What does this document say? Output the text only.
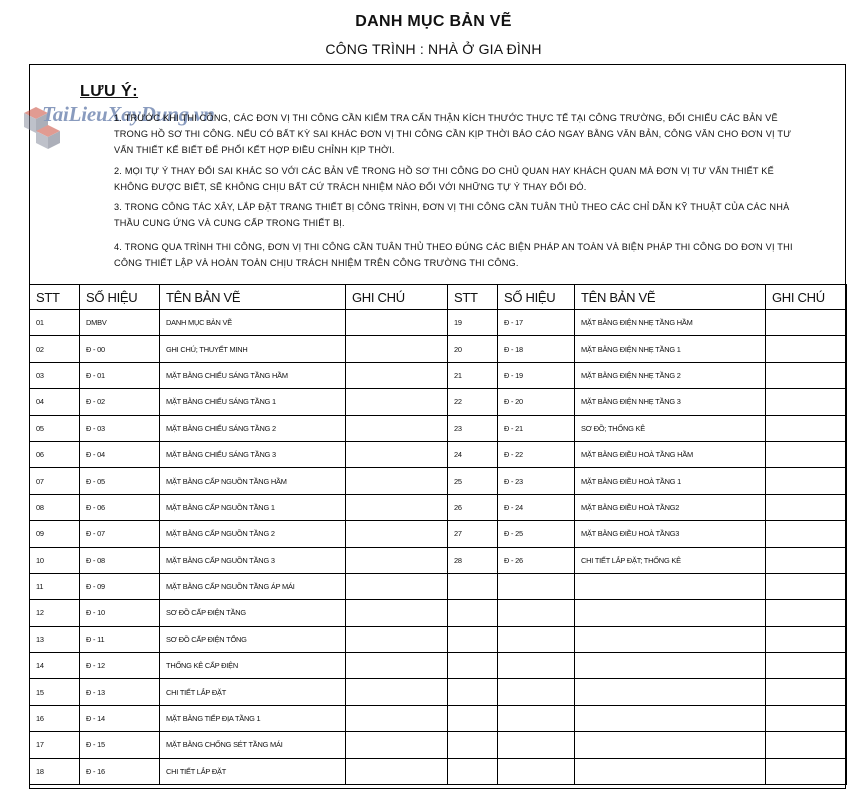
DANH MỤC BẢN VẼ
CÔNG TRÌNH : NHÀ Ở GIA ĐÌNH
TaiLieuXayDung.vn
LƯU Ý:
1. TRƯỚC KHI THI CÔNG, CÁC ĐƠN VỊ THI CÔNG CẦN KIỂM TRA CẨN THẬN KÍCH THƯỚC THỰC TẾ TẠI CÔNG TRƯỜNG, ĐỐI CHIẾU CÁC BẢN VẼ TRONG HỒ SƠ THI CÔNG. NẾU CÓ BẤT KỲ SAI KHÁC ĐƠN VỊ THI CÔNG CẦN KỊP THỜI BÁO CÁO NGAY BẰNG VĂN BẢN, CÔNG VĂN CHO ĐƠN VỊ TƯ VẤN THIẾT KẾ BIẾT ĐỂ PHỐI KẾT HỢP ĐIỀU CHỈNH KỊP THỜI.
2. MỌI TỰ Ý THAY ĐỔI SAI KHÁC SO VỚI CÁC BẢN VẼ TRONG HỒ SƠ THI CÔNG DO CHỦ QUAN HAY KHÁCH QUAN MÀ ĐƠN VỊ TƯ VẤN THIẾT KẾ KHÔNG ĐƯỢC BIẾT, SẼ KHÔNG CHỊU BẤT CỨ TRÁCH NHIỆM NÀO ĐỐI VỚI NHỮNG TỰ Ý THAY ĐỔI ĐÓ.
3. TRONG CÔNG TÁC XÂY, LẮP ĐẶT TRANG THIẾT BỊ CÔNG TRÌNH, ĐƠN VỊ THI CÔNG CẦN TUÂN THỦ THEO CÁC CHỈ DẪN KỸ THUẬT CỦA CÁC NHÀ THẦU CUNG ỨNG VÀ CUNG CẤP TRONG THIẾT BỊ.
4. TRONG QUA TRÌNH THI CÔNG, ĐƠN VỊ THI CÔNG CẦN TUÂN THỦ THEO ĐÚNG CÁC BIỆN PHÁP AN TOÀN VÀ BIỆN PHÁP THI CÔNG DO ĐƠN VỊ THI CÔNG THIẾT LẬP VÀ HOÀN TOÀN CHỊU TRÁCH NHIỆM TRÊN CÔNG TRƯỜNG THI CÔNG.
STT	SỐ HIỆU	TÊN BẢN VẼ	GHI CHÚ	STT	SỐ HIỆU	TÊN BẢN VẼ	GHI CHÚ
01	DMBV	DANH MỤC BẢN VẼ		19	Đ - 17	MẶT BẰNG ĐIỆN NHẸ TẦNG HẦM	
02	Đ - 00	GHI CHÚ; THUYẾT MINH		20	Đ - 18	MẶT BẰNG ĐIỆN NHẸ TẦNG 1	
03	Đ - 01	MẶT BẰNG CHIẾU SÁNG TẦNG HẦM		21	Đ - 19	MẶT BẰNG ĐIỆN NHẸ TẦNG 2	
04	Đ - 02	MẶT BẰNG CHIẾU SÁNG TẦNG 1		22	Đ - 20	MẶT BẰNG ĐIỆN NHẸ TẦNG 3	
05	Đ - 03	MẶT BẰNG CHIẾU SÁNG TẦNG 2		23	Đ - 21	SƠ ĐỒ; THỐNG KÊ	
06	Đ - 04	MẶT BẰNG CHIẾU SÁNG TẦNG 3		24	Đ - 22	MẶT BẰNG ĐIỀU HOÀ TẦNG HẦM	
07	Đ - 05	MẶT BẰNG CẤP NGUỒN TẦNG HẦM		25	Đ - 23	MẶT BẰNG ĐIỀU HOÀ TẦNG 1	
08	Đ - 06	MẶT BẰNG CẤP NGUỒN TẦNG 1		26	Đ - 24	MẶT BẰNG ĐIỀU HOÀ TẦNG2	
09	Đ - 07	MẶT BẰNG CẤP NGUỒN TẦNG 2		27	Đ - 25	MẶT BẰNG ĐIỀU HOÀ TẦNG3	
10	Đ - 08	MẶT BẰNG CẤP NGUỒN TẦNG 3		28	Đ - 26	CHI TIẾT LẮP ĐẶT; THỐNG KÊ	
11	Đ - 09	MẶT BẰNG CẤP NGUỒN TẦNG ÁP MÁI					
12	Đ - 10	SƠ ĐỒ CẤP ĐIỆN TẦNG					
13	Đ - 11	SƠ ĐỒ CẤP ĐIỆN TỔNG					
14	Đ - 12	THỐNG KÊ CẤP ĐIỆN					
15	Đ - 13	CHI TIẾT LẮP ĐẶT					
16	Đ - 14	MẶT BẰNG TIẾP ĐỊA TẦNG 1					
17	Đ - 15	MẶT BẰNG CHỐNG SÉT TẦNG MÁI					
18	Đ - 16	CHI TIẾT LẮP ĐẶT					
